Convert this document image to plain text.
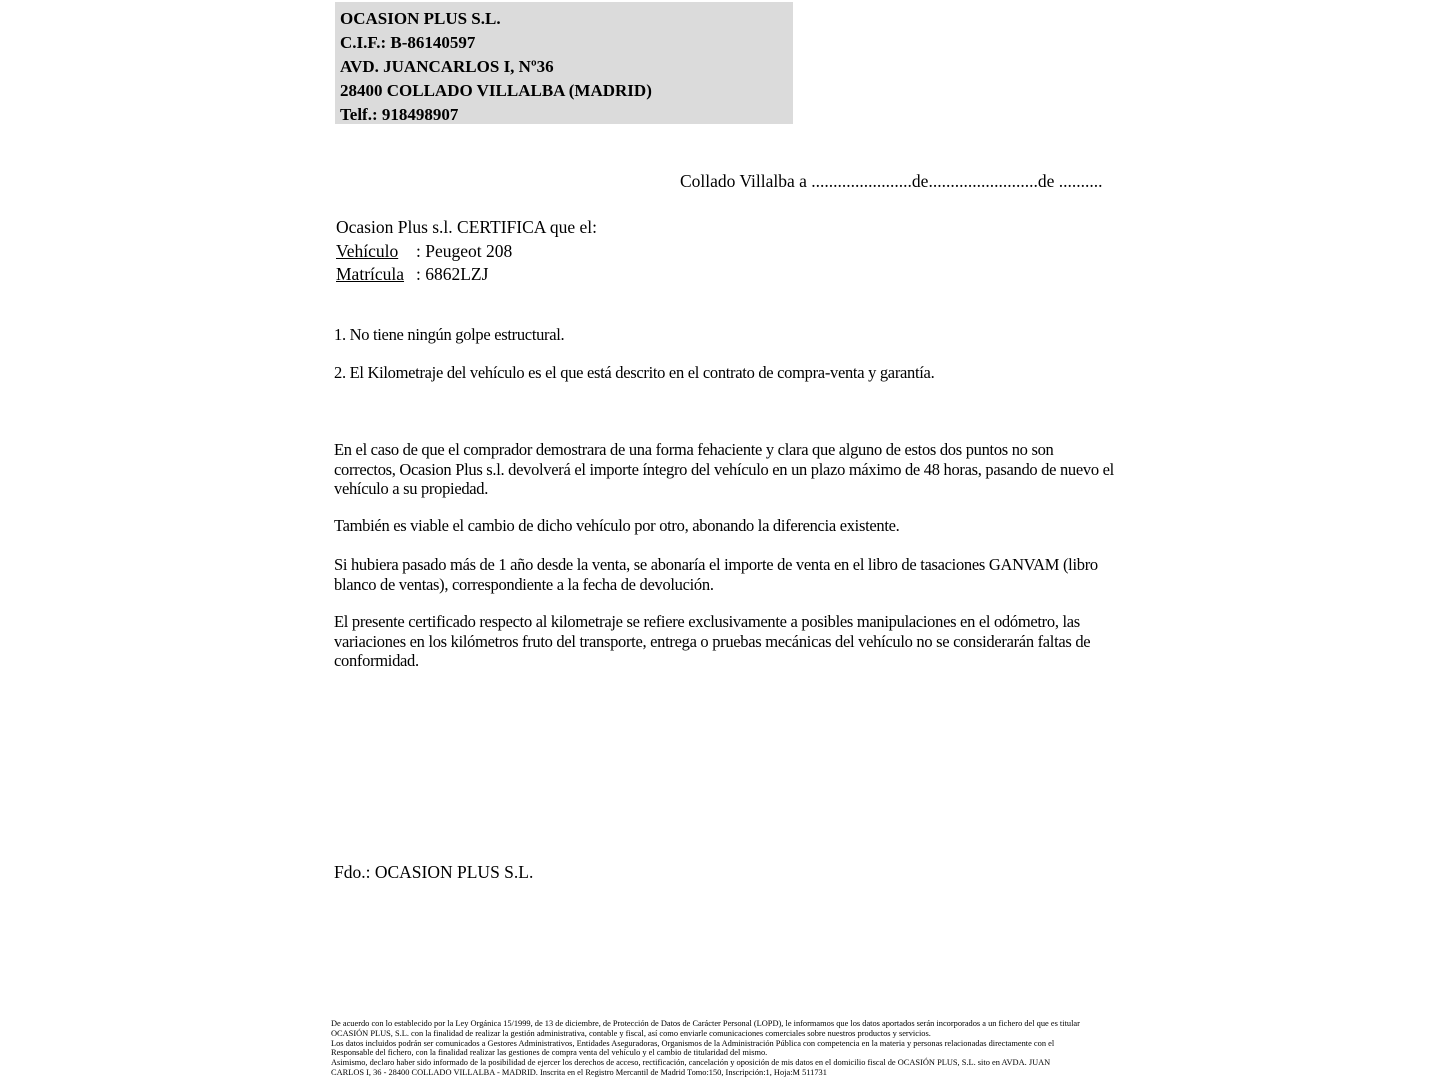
OCASION PLUS S.L.
C.I.F.: B-86140597
AVD. JUANCARLOS I, Nº36
28400 COLLADO VILLALBA (MADRID)
Telf.: 918498907
Collado Villalba a .......................de.........................de ..........
Ocasion Plus s.l. CERTIFICA que el:
Vehículo : Peugeot 208
Matrícula : 6862LZJ
1. No tiene ningún golpe estructural.
2. El Kilometraje del vehículo es el que está descrito en el contrato de compra-venta y garantía.
En el caso de que el comprador demostrara de una forma fehaciente y clara que alguno de estos dos puntos no son correctos, Ocasion Plus s.l. devolverá el importe íntegro del vehículo en un plazo máximo de 48 horas, pasando de nuevo el vehículo a su propiedad.
También es viable el cambio de dicho vehículo por otro, abonando la diferencia existente.
Si hubiera pasado más de 1 año desde la venta, se abonaría el importe de venta en el libro de tasaciones GANVAM (libro blanco de ventas), correspondiente a la fecha de devolución.
El presente certificado respecto al kilometraje se refiere exclusivamente a posibles manipulaciones en el odómetro, las variaciones en los kilómetros fruto del transporte, entrega o pruebas mecánicas del vehículo no se considerarán faltas de conformidad.
Fdo.: OCASION PLUS S.L.
De acuerdo con lo establecido por la Ley Orgánica 15/1999, de 13 de diciembre, de Protección de Datos de Carácter Personal (LOPD), le informamos que los datos aportados serán incorporados a un fichero del que es titular
OCASIÓN PLUS, S.L. con la finalidad de realizar la gestión administrativa, contable y fiscal, así como enviarle comunicaciones comerciales sobre nuestros productos y servicios.
Los datos incluidos podrán ser comunicados a Gestores Administrativos, Entidades Aseguradoras, Organismos de la Administración Pública con competencia en la materia y personas relacionadas directamente con el
Responsable del fichero, con la finalidad realizar las gestiones de compra venta del vehículo y el cambio de titularidad del mismo.
Asimismo, declaro haber sido informado de la posibilidad de ejercer los derechos de acceso, rectificación, cancelación y oposición de mis datos en el domicilio fiscal de OCASIÓN PLUS, S.L. sito en AVDA. JUAN
CARLOS I, 36 - 28400 COLLADO VILLALBA - MADRID. Inscrita en el Registro Mercantil de Madrid Tomo:150, Inscripción:1, Hoja:M 511731
